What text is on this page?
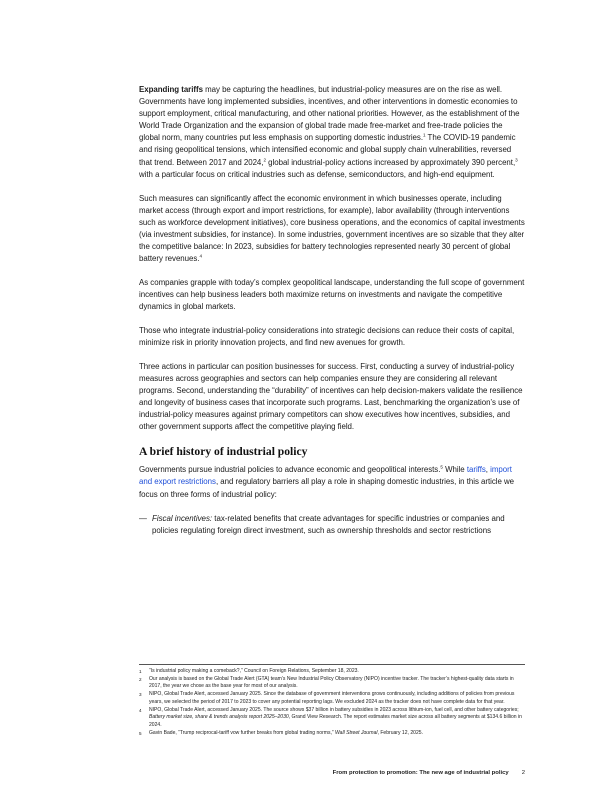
Expanding tariffs may be capturing the headlines, but industrial-policy measures are on the rise as well. Governments have long implemented subsidies, incentives, and other interventions in domestic economies to support employment, critical manufacturing, and other national priorities. However, as the establishment of the World Trade Organization and the expansion of global trade made free-market and free-trade policies the global norm, many countries put less emphasis on supporting domestic industries.$^1$ The COVID-19 pandemic and rising geopolitical tensions, which intensified economic and global supply chain vulnerabilities, reversed that trend. Between 2017 and 2024,$^2$ global industrial-policy actions increased by approximately 390 percent,$^3$ with a particular focus on critical industries such as defense, semiconductors, and high-end equipment.

Such measures can significantly affect the economic environment in which businesses operate, including market access (through export and import restrictions, for example), labor availability (through interventions such as workforce development initiatives), core business operations, and the economics of capital investments (via investment subsidies, for instance). In some industries, government incentives are so sizable that they alter the competitive balance: In 2023, subsidies for battery technologies represented nearly 30 percent of global battery revenues.$^4$

As companies grapple with today’s complex geopolitical landscape, understanding the full scope of government incentives can help business leaders both maximize returns on investments and navigate the competitive dynamics in global markets.

Those who integrate industrial-policy considerations into strategic decisions can reduce their costs of capital, minimize risk in priority innovation projects, and find new avenues for growth.

Three actions in particular can position businesses for success. First, conducting a survey of industrial-policy measures across geographies and sectors can help companies ensure they are considering all relevant programs. Second, understanding the “durability” of incentives can help decision-makers validate the resilience and longevity of business cases that incorporate such programs. Last, benchmarking the organization’s use of industrial-policy measures against primary competitors can show executives how incentives, subsidies, and other government supports affect the competitive playing field.

A brief history of industrial policy

Governments pursue industrial policies to advance economic and geopolitical interests.$^5$ While tariffs, import and export restrictions, and regulatory barriers all play a role in shaping domestic industries, in this article we focus on three forms of industrial policy:

— Fiscal incentives: tax-related benefits that create advantages for specific industries or companies and policies regulating foreign direct investment, such as ownership thresholds and sector restrictions
1 “Is industrial policy making a comeback?,” Council on Foreign Relations, September 18, 2023.
2 Our analysis is based on the Global Trade Alert (GTA) team’s New Industrial Policy Observatory (NIPO) incentive tracker. The tracker’s highest-quality data starts in 2017, the year we chose as the base year for most of our analysis.
3 NIPO, Global Trade Alert, accessed January 2025. Since the database of government interventions grows continuously, including additions of policies from previous years, we selected the period of 2017 to 2023 to cover any potential reporting lags. We excluded 2024 as the tracker does not have complete data for that year.
4 NIPO, Global Trade Alert, accessed January 2025. The source shows $37 billion in battery subsidies in 2023 across lithium-ion, fuel cell, and other battery categories; Battery market size, share & trends analysis report 2025–2030, Grand View Research. The report estimates market size across all battery segments at $134.6 billion in 2024.
5 Gavin Bade, “Trump reciprocal-tariff vow further breaks from global trading norms,” Wall Street Journal, February 12, 2025.
From protection to promotion: The new age of industrial policy 2
